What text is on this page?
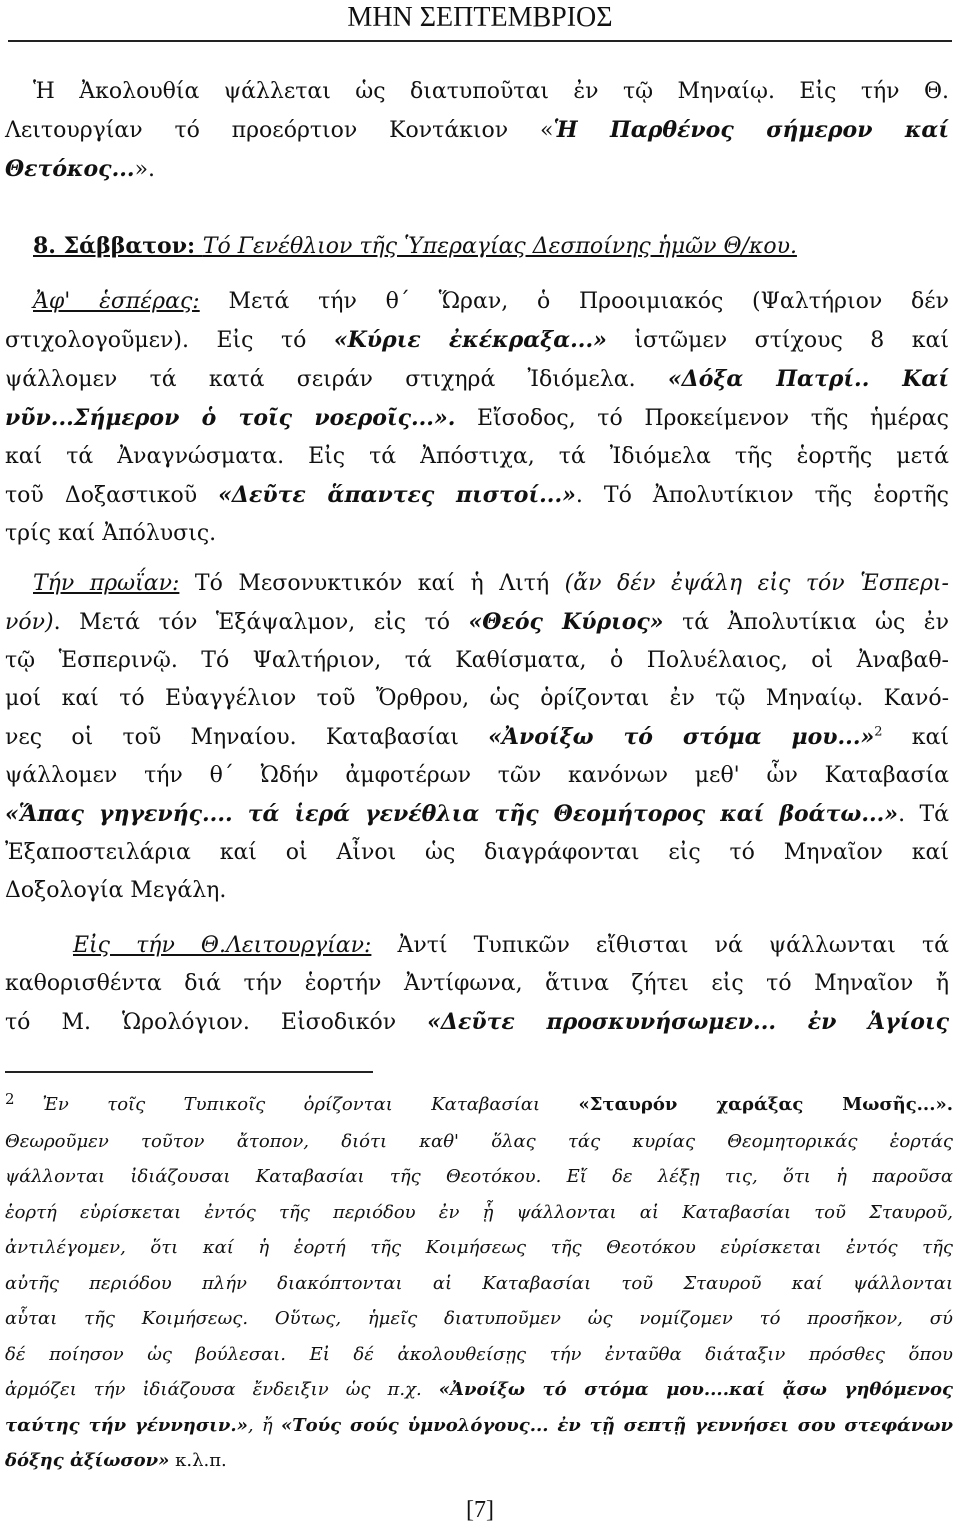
ΜΗΝ ΣΕΠΤΕΜΒΡΙΟΣ

Ἡ Ἀκολουθία ψάλλεται ὡς διατυποῦται ἐν τῷ Μηναίῳ. Εἰς τήν Θ.

Λειτουργίαν τό προεόρτιον Κοντάκιον «Ἡ Παρθένος σήμερον καί

Θετόκος...».

8. Σάββατον: Τό Γενέθλιον τῆς Ὑπεραγίας Δεσποίνης ἡμῶν Θ/κου.

Ἀφ' ἑσπέρας: Μετά τήν θ΄ Ὥραν, ὁ Προοιμιακός (Ψαλτήριον δέν

στιχολογοῦμεν). Εἰς τό «Κύριε ἐκέκραξα...» ἱστῶμεν στίχους 8 καί

ψάλλομεν τά κατά σειράν στιχηρά Ἰδιόμελα. «Δόξα Πατρί.. Καί

νῦν...Σήμερον ὁ τοῖς νοεροῖς...». Εἴσοδος, τό Προκείμενον τῆς ἡμέρας

καί τά Ἀναγνώσματα. Εἰς τά Ἀπόστιχα, τά Ἰδιόμελα τῆς ἑορτῆς μετά

τοῦ Δοξαστικοῦ «Δεῦτε ἅπαντες πιστοί...». Τό Ἀπολυτίκιον τῆς ἑορτῆς

τρίς καί Ἀπόλυσις.

Τήν πρωΐαν: Τό Μεσονυκτικόν καί ἡ Λιτή (ἄν δέν ἐψάλη εἰς τόν Ἑσπερι-

νόν). Μετά τόν Ἑξάψαλμον, εἰς τό «Θεός Κύριος» τά Ἀπολυτίκια ὡς ἐν

τῷ Ἑσπερινῷ. Τό Ψαλτήριον, τά Καθίσματα, ὁ Πολυέλαιος, οἱ Ἀναβαθ-

μοί καί τό Εὐαγγέλιον τοῦ Ὄρθρου, ὡς ὁρίζονται ἐν τῷ Μηναίῳ. Κανό-

νες οἱ τοῦ Μηναίου. Καταβασίαι «Ἀνοίξω τό στόμα μου...»$^2$ καί

ψάλλομεν τήν θ΄ Ὠδήν ἀμφοτέρων τῶν κανόνων μεθ' ὧν Καταβασία

«Ἅπας γηγενής.... τά ἱερά γενέθλια τῆς Θεομήτορος καί βοάτω...». Τά

Ἐξαποστειλάρια καί οἱ Αἶνοι ὡς διαγράφονται εἰς τό Μηναῖον καί

Δοξολογία Μεγάλη.

Εἰς τήν Θ.Λειτουργίαν: Ἀντί Τυπικῶν εἴθισται νά ψάλλωνται τά

καθορισθέντα διά τήν ἑορτήν Ἀντίφωνα, ἅτινα ζήτει εἰς τό Μηναῖον ἤ

τό Μ. Ὡρολόγιον. Εἰσοδικόν «Δεῦτε προσκυνήσωμεν... ἐν Ἁγίοις

$^2$ Ἐν τοῖς Τυπικοῖς ὁρίζονται Καταβασίαι «Σταυρόν χαράξας Μωσῆς...».

Θεωροῦμεν τοῦτον ἄτοπον, διότι καθ' ὅλας τάς κυρίας Θεομητορικάς ἑορτάς

ψάλλονται ἰδιάζουσαι Καταβασίαι τῆς Θεοτόκου. Εἴ δε λέξῃ τις, ὅτι ἡ παροῦσα

ἑορτή εὑρίσκεται ἐντός τῆς περιόδου ἐν ᾗ ψάλλονται αἱ Καταβασίαι τοῦ Σταυροῦ,

ἀντιλέγομεν, ὅτι καί ἡ ἑορτή τῆς Κοιμήσεως τῆς Θεοτόκου εὑρίσκεται ἐντός τῆς

αὐτῆς περιόδου πλήν διακόπτονται αἱ Καταβασίαι τοῦ Σταυροῦ καί ψάλλονται

αὗται τῆς Κοιμήσεως. Οὕτως, ἡμεῖς διατυποῦμεν ὡς νομίζομεν τό προσῆκον, σύ

δέ ποίησον ὡς βούλεσαι. Εἰ δέ ἀκολουθείσῃς τήν ἐνταῦθα διάταξιν πρόσθες ὅπου

ἁρμόζει τήν ἰδιάζουσα ἔνδειξιν ὡς π.χ. «Ἀνοίξω τό στόμα μου....καί ᾄσω γηθόμενος

ταύτης τήν γέννησιν.», ἤ «Τούς σούς ὑμνολόγους... ἐν τῇ σεπτῇ γεννήσει σου στεφάνων

δόξης ἀξίωσον» κ.λ.π.

[7]
